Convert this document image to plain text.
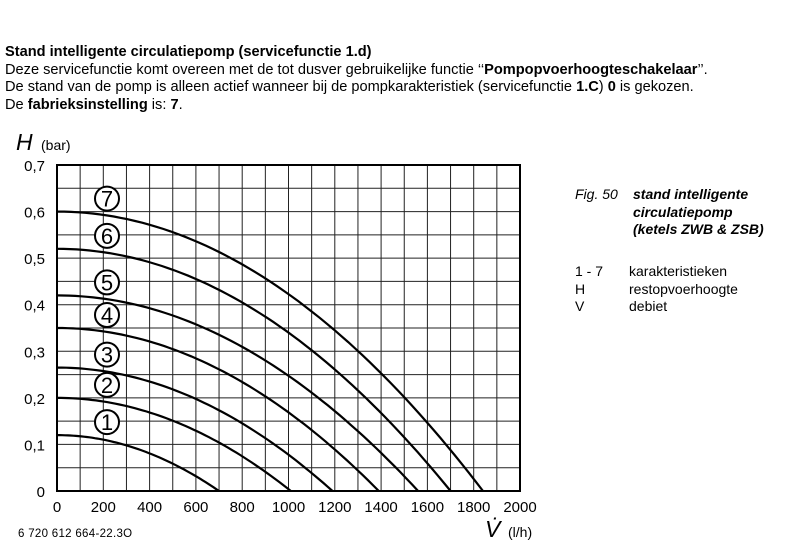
Stand intelligente circulatiepomp (servicefunctie 1.d)
Deze servicefunctie komt overeen met de tot dusver gebruikelijke functie ‘‘Pompopvoerhoogteschakelaar’’.
De stand van de pomp is alleen actief wanneer bij de pompkarakteristiek (servicefunctie 1.C) 0 is gekozen.
De fabrieksinstelling is: 7.
0
0,1
0,2
0,3
0,4
0,5
0,6
0,7
0 200 400 600 800 1000 1200 1400 1600 1800 2000
1
2
3
4
5
6
7
H (bar)
V̇ (l/h)
Fig. 50 stand intelligente
circulatiepomp
(ketels ZWB & ZSB)
1 - 7 karakteristieken
H	restopvoerhoogte
V	debiet
6 720 612 664-22.3O
